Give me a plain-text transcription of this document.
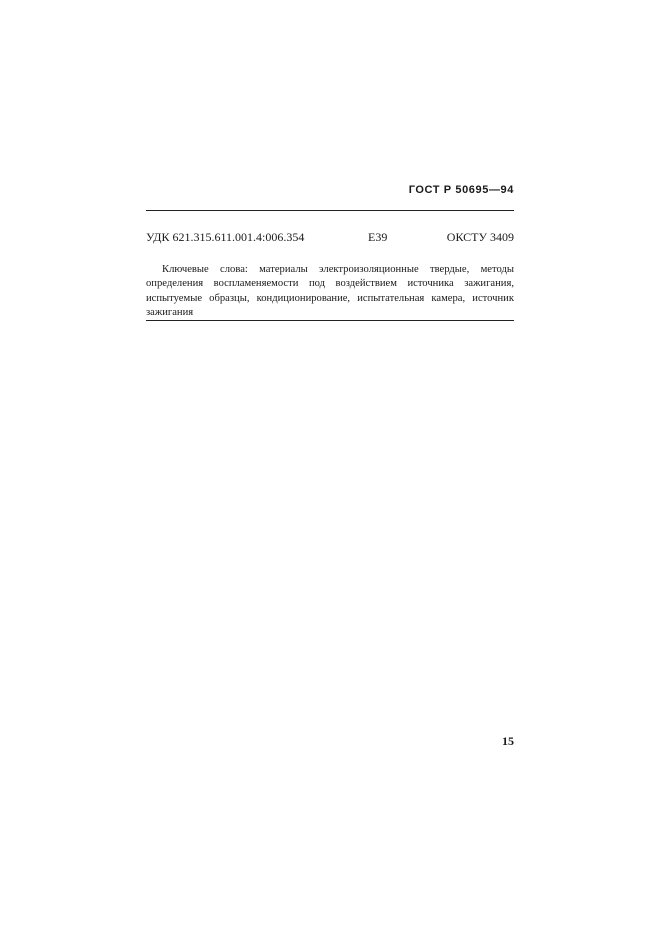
ГОСТ Р 50695—94
УДК 621.315.611.001.4:006.354	Е39	ОКСТУ 3409

Ключевые слова: материалы электроизоляционные твердые, методы определения воспламеняемости под воздействием источника зажигания, испытуемые образцы, кондиционирование, испытательная камера, источник зажигания

15
